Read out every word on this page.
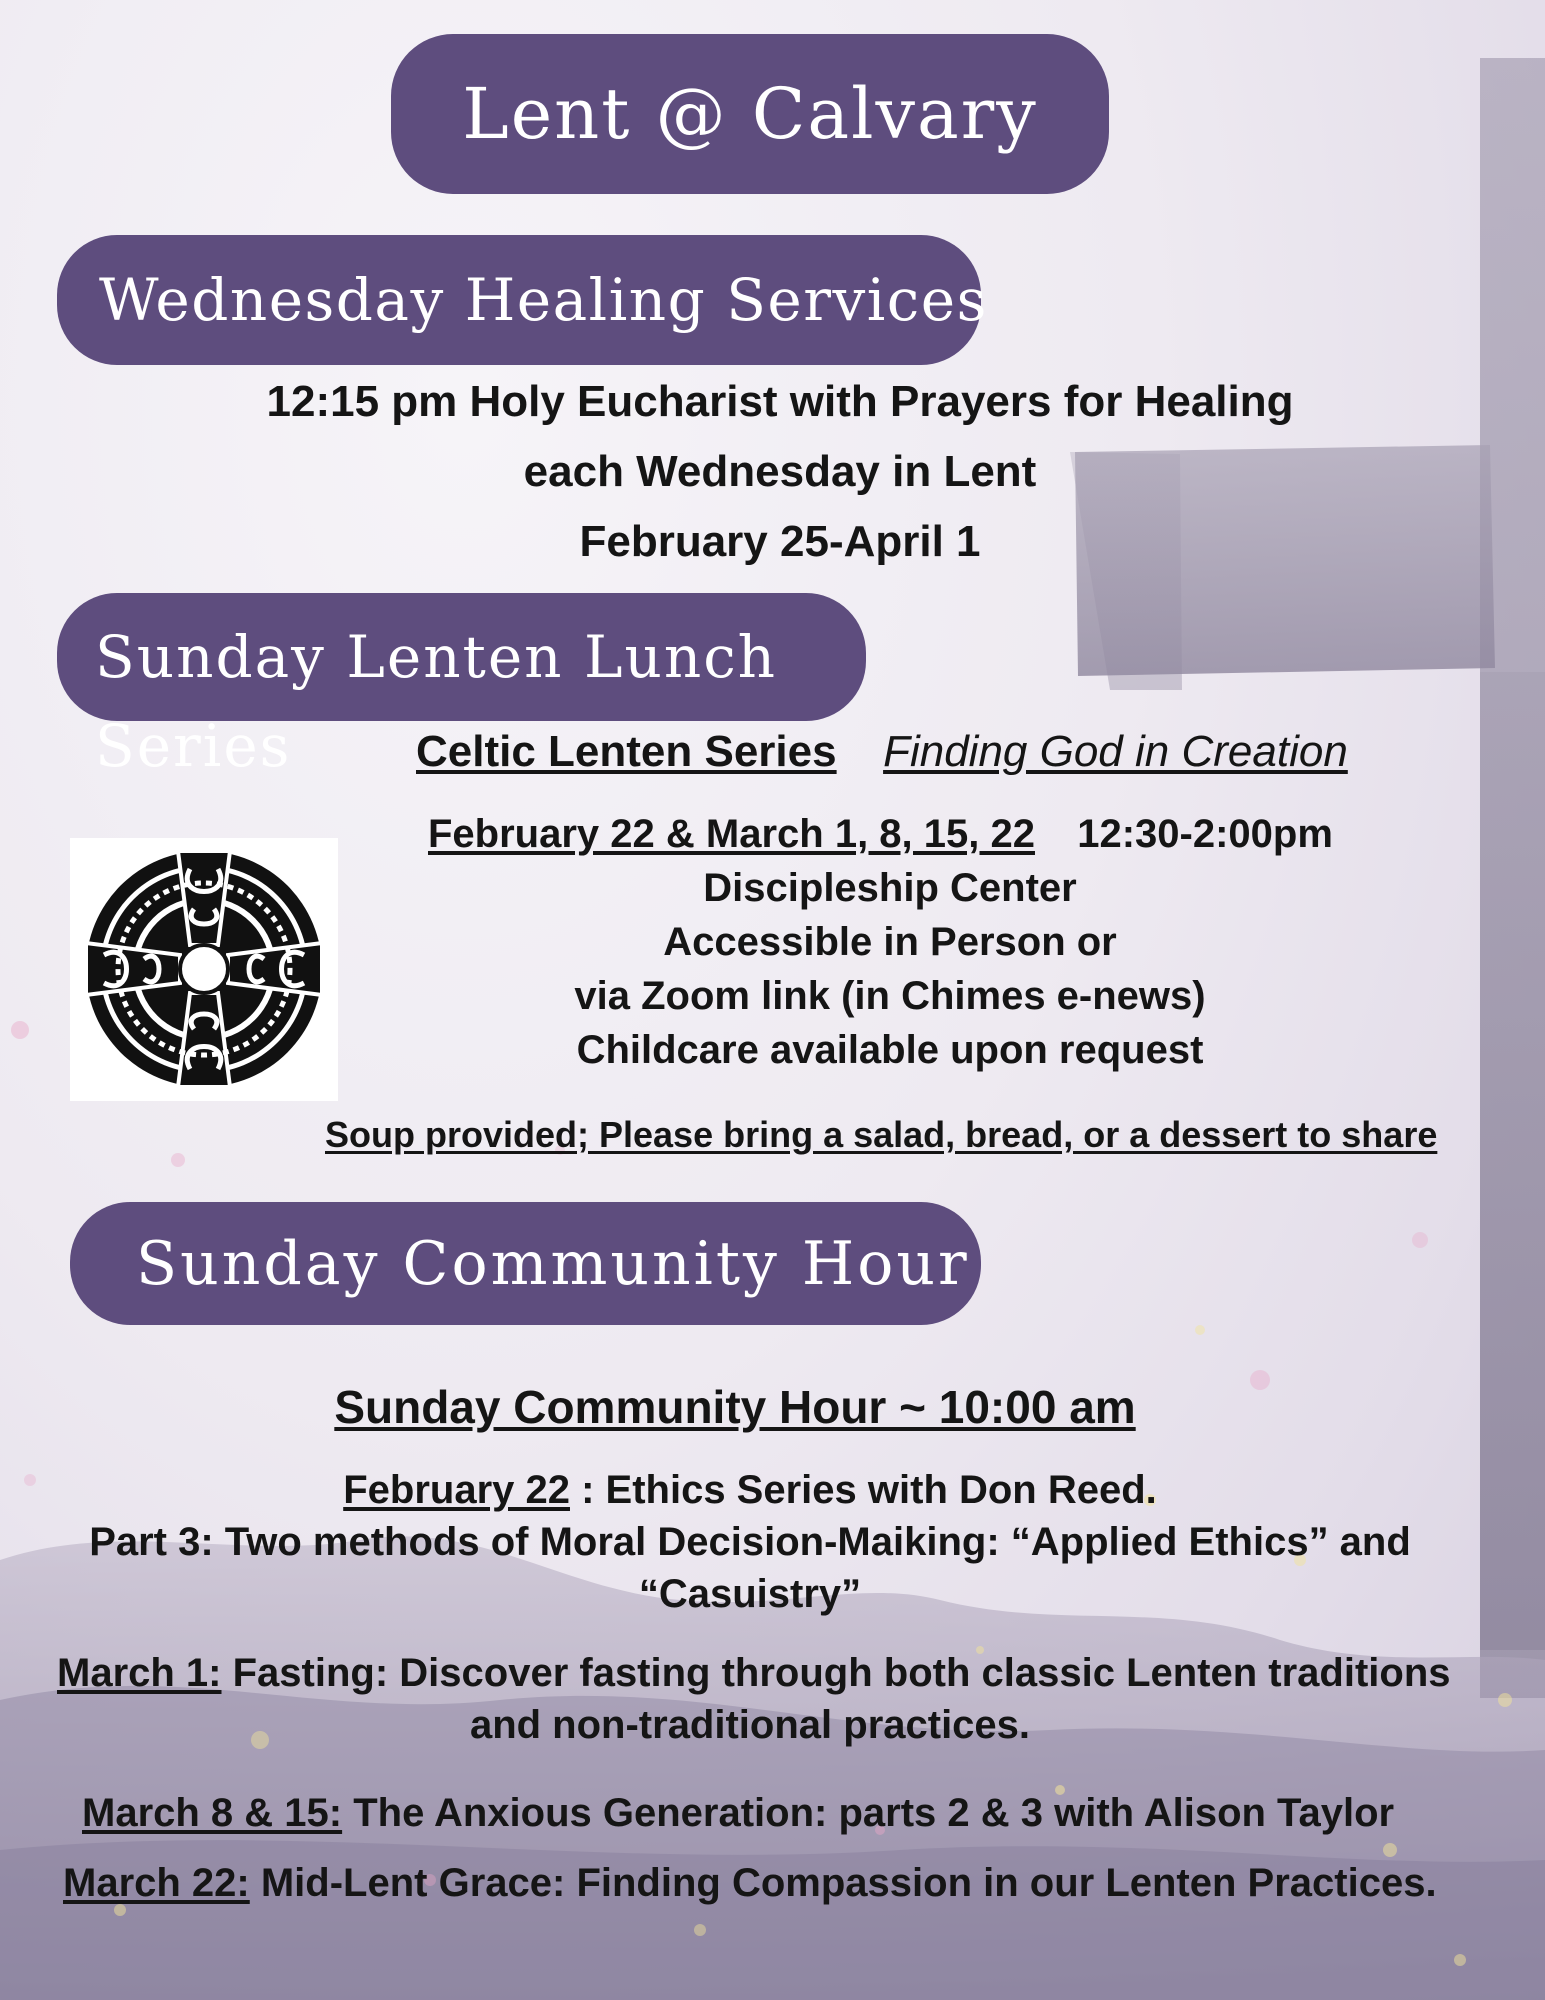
Lent @ Calvary
Wednesday Healing Services
12:15 pm Holy Eucharist with Prayers for Healing
each Wednesday in Lent
February 25-April 1
Sunday Lenten Lunch
Series	Celtic Lenten Series Finding God in Creation
February 22 & March 1, 8, 15, 22 12:30-2:00pm
Discipleship Center
Accessible in Person or
via Zoom link (in Chimes e-news)
Childcare available upon request
Soup provided; Please bring a salad, bread, or a dessert to share
Sunday Community Hour
Sunday Community Hour ~ 10:00 am
February 22 : Ethics Series with Don Reed.
Part 3: Two methods of Moral Decision-Maiking: “Applied Ethics” and
“Casuistry”
March 1: Fasting: Discover fasting through both classic Lenten traditions
and non-traditional practices.
March 8 & 15: The Anxious Generation: parts 2 & 3 with Alison Taylor
March 22: Mid-Lent Grace: Finding Compassion in our Lenten Practices.
